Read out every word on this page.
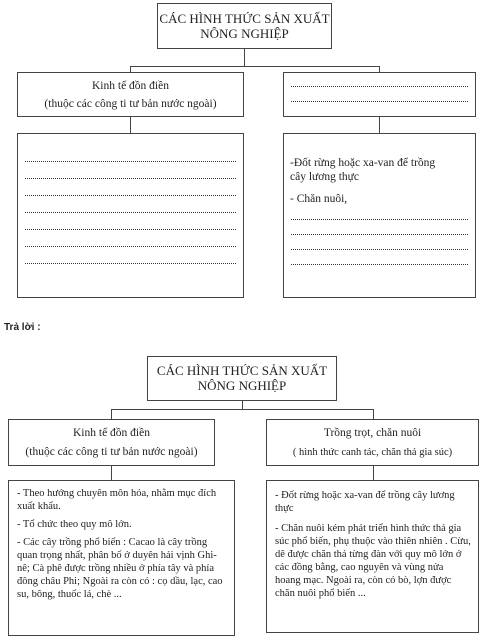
CÁC HÌNH THỨC SẢN XUẤT
NÔNG NGHIỆP
Kinh tế đồn điền
(thuộc các công ti tư bản nước ngoài)
-Đốt rừng hoặc xa-van để trồng
cây lương thực
- Chăn nuôi,
Trả lời :
CÁC HÌNH THỨC SẢN XUẤT
NÔNG NGHIỆP
Kinh tế đồn điền
(thuộc các công ti tư bản nước ngoài)
Trồng trọt, chăn nuôi
( hình thức canh tác, chăn thả gia súc)

- Theo hướng chuyên môn hóa, nhằm mục đích xuất khẩu.

- Tổ chức theo quy mô lớn.

- Các cây trồng phổ biến : Cacao là cây trồng quan trọng nhất, phân bố ở duyên hải vịnh Ghi-nê; Cà phê được trồng nhiều ở phía tây và phía đông châu Phi; Ngoài ra còn có : cọ dầu, lạc, cao su, bông, thuốc lá, chè ...

- Đốt rừng hoặc xa-van để trồng cây lương thực

- Chăn nuôi kém phát triển hình thức thả gia súc phổ biến, phụ thuộc vào thiên nhiên . Cừu, dê được chăn thả từng đàn với quy mô lớn ở các đồng bằng, cao nguyên và vùng nửa hoang mạc. Ngoài ra, còn có bò, lợn được chăn nuôi phổ biến ...
